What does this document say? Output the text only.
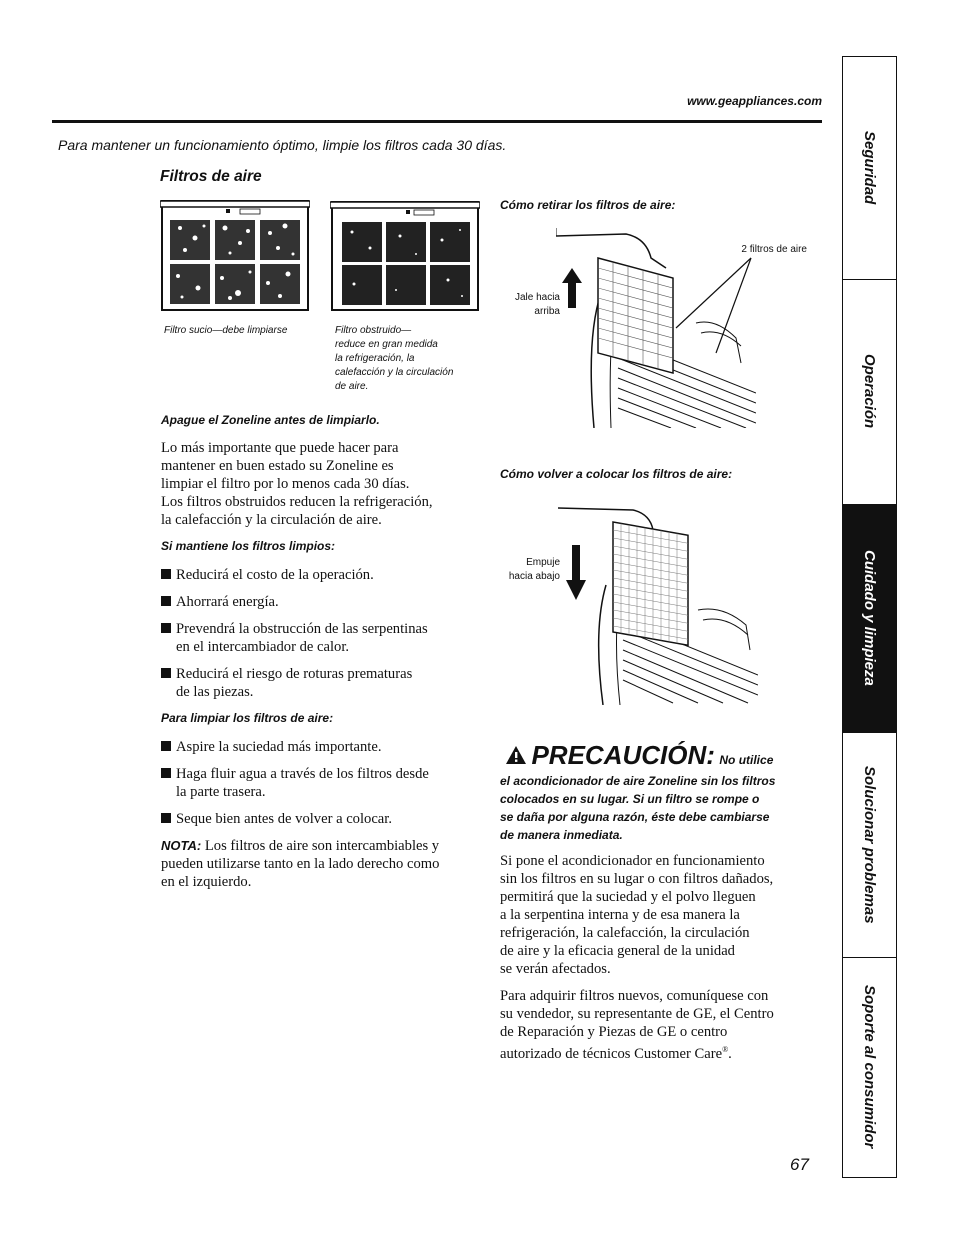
www.geappliances.com
Para mantener un funcionamiento óptimo, limpie los filtros cada 30 días.
Filtros de aire
Filtro sucio—debe limpiarse	Filtro obstruido—
reduce en gran medida
la refrigeración, la
calefacción y la circulación
de aire.
Apague el Zoneline antes de limpiarlo.
Lo más importante que puede hacer para
mantener en buen estado su Zoneline es
limpiar el filtro por lo menos cada 30 días.
Los filtros obstruidos reducen la refrigeración,
la calefacción y la circulación de aire.
Si mantiene los filtros limpios:
Reducirá el costo de la operación.
Ahorrará energía.
Prevendrá la obstrucción de las serpentinas
en el intercambiador de calor.
Reducirá el riesgo de roturas prematuras
de las piezas.
Para limpiar los filtros de aire:
Aspire la suciedad más importante.
Haga fluir agua a través de los filtros desde
la parte trasera.
Seque bien antes de volver a colocar.
NOTA: Los filtros de aire son intercambiables y
pueden utilizarse tanto en la lado derecho como
en el izquierdo.
Cómo retirar los filtros de aire:
2 filtros de aire
Jale hacia
arriba
Cómo volver a colocar los filtros de aire:
Empuje
hacia abajo
PRECAUCIÓN: No utilice
el acondicionador de aire Zoneline sin los filtros
colocados en su lugar. Si un filtro se rompe o
se daña por alguna razón, éste debe cambiarse
de manera inmediata.
Si pone el acondicionador en funcionamiento
sin los filtros en su lugar o con filtros dañados,
permitirá que la suciedad y el polvo lleguen
a la serpentina interna y de esa manera la
refrigeración, la calefacción, la circulación
de aire y la eficacia general de la unidad
se verán afectados.
Para adquirir filtros nuevos, comuníquese con
su vendedor, su representante de GE, el Centro
de Reparación y Piezas de GE o centro
autorizado de técnicos Customer Care®.
Seguridad
Operación
Cuidado y limpieza
Solucionar problemas
Soporte al consumidor
67
